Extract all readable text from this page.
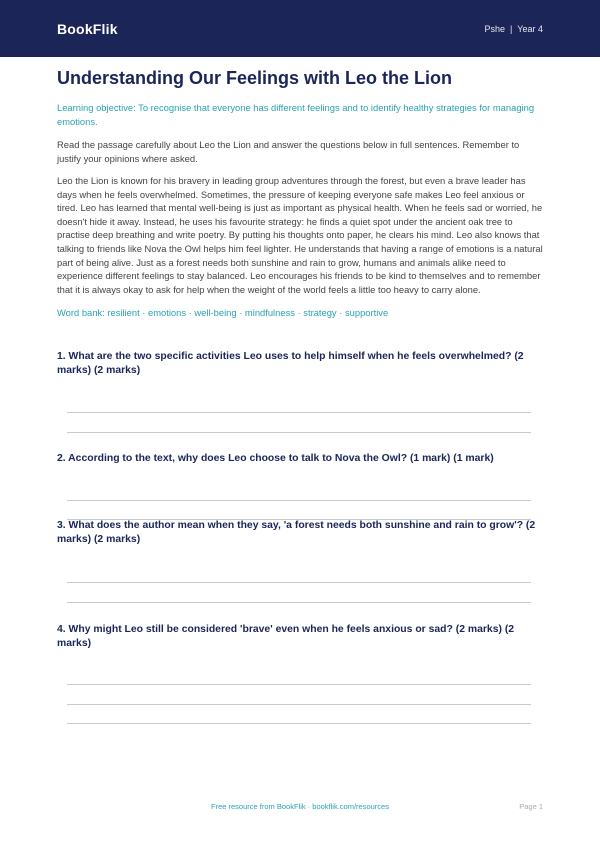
BookFlik	Pshe | Year 4
Understanding Our Feelings with Leo the Lion

Learning objective: To recognise that everyone has different feelings and to identify healthy strategies for managing emotions.

Read the passage carefully about Leo the Lion and answer the questions below in full sentences. Remember to justify your opinions where asked.

Leo the Lion is known for his bravery in leading group adventures through the forest, but even a brave leader has days when he feels overwhelmed. Sometimes, the pressure of keeping everyone safe makes Leo feel anxious or tired. Leo has learned that mental well-being is just as important as physical health. When he feels sad or worried, he doesn't hide it away. Instead, he uses his favourite strategy: he finds a quiet spot under the ancient oak tree to practise deep breathing and write poetry. By putting his thoughts onto paper, he clears his mind. Leo also knows that talking to friends like Nova the Owl helps him feel lighter. He understands that having a range of emotions is a natural part of being alive. Just as a forest needs both sunshine and rain to grow, humans and animals alike need to experience different feelings to stay balanced. Leo encourages his friends to be kind to themselves and to remember that it is always okay to ask for help when the weight of the world feels a little too heavy to carry alone.

Word bank: resilient · emotions · well-being · mindfulness · strategy · supportive

1. What are the two specific activities Leo uses to help himself when he feels overwhelmed? (2 marks) (2 marks)
2. According to the text, why does Leo choose to talk to Nova the Owl? (1 mark) (1 mark)
3. What does the author mean when they say, 'a forest needs both sunshine and rain to grow'? (2 marks) (2 marks)
4. Why might Leo still be considered 'brave' even when he feels anxious or sad? (2 marks) (2 marks)
Free resource from BookFlik · bookflik.com/resources	Page 1
